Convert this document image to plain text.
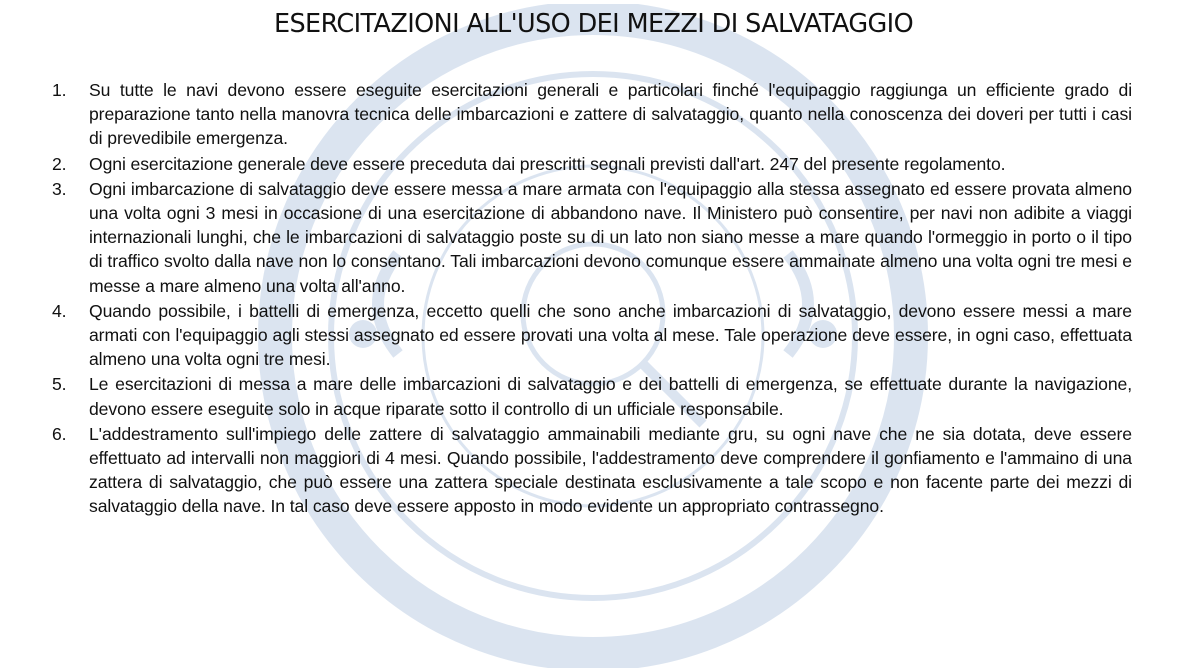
ESERCITAZIONI ALL'USO DEI MEZZI DI SALVATAGGIO
1.	Su tutte le navi devono essere eseguite esercitazioni generali e particolari finché l'equipaggio raggiunga un efficiente grado di preparazione tanto nella manovra tecnica delle imbarcazioni e zattere di salvataggio, quanto nella conoscenza dei doveri per tutti i casi di prevedibile emergenza.
2.	Ogni esercitazione generale deve essere preceduta dai prescritti segnali previsti dall'art. 247 del presente regolamento.
3.	Ogni imbarcazione di salvataggio deve essere messa a mare armata con l'equipaggio alla stessa assegnato ed essere provata almeno una volta ogni 3 mesi in occasione di una esercitazione di abbandono nave. Il Ministero può consentire, per navi non adibite a viaggi internazionali lunghi, che le imbarcazioni di salvataggio poste su di un lato non siano messe a mare quando l'ormeggio in porto o il tipo di traffico svolto dalla nave non lo consentano. Tali imbarcazioni devono comunque essere ammainate almeno una volta ogni tre mesi e messe a mare almeno una volta all'anno.
4.	Quando possibile, i battelli di emergenza, eccetto quelli che sono anche imbarcazioni di salvataggio, devono essere messi a mare armati con l'equipaggio agli stessi assegnato ed essere provati una volta al mese. Tale operazione deve essere, in ogni caso, effettuata almeno una volta ogni tre mesi.
5.	Le esercitazioni di messa a mare delle imbarcazioni di salvataggio e dei battelli di emergenza, se effettuate durante la navigazione, devono essere eseguite solo in acque riparate sotto il controllo di un ufficiale responsabile.
6.	L'addestramento sull'impiego delle zattere di salvataggio ammainabili mediante gru, su ogni nave che ne sia dotata, deve essere effettuato ad intervalli non maggiori di 4 mesi. Quando possibile, l'addestramento deve comprendere il gonfiamento e l'ammaino di una zattera di salvataggio, che può essere una zattera speciale destinata esclusivamente a tale scopo e non facente parte dei mezzi di salvataggio della nave. In tal caso deve essere apposto in modo evidente un appropriato contrassegno.
